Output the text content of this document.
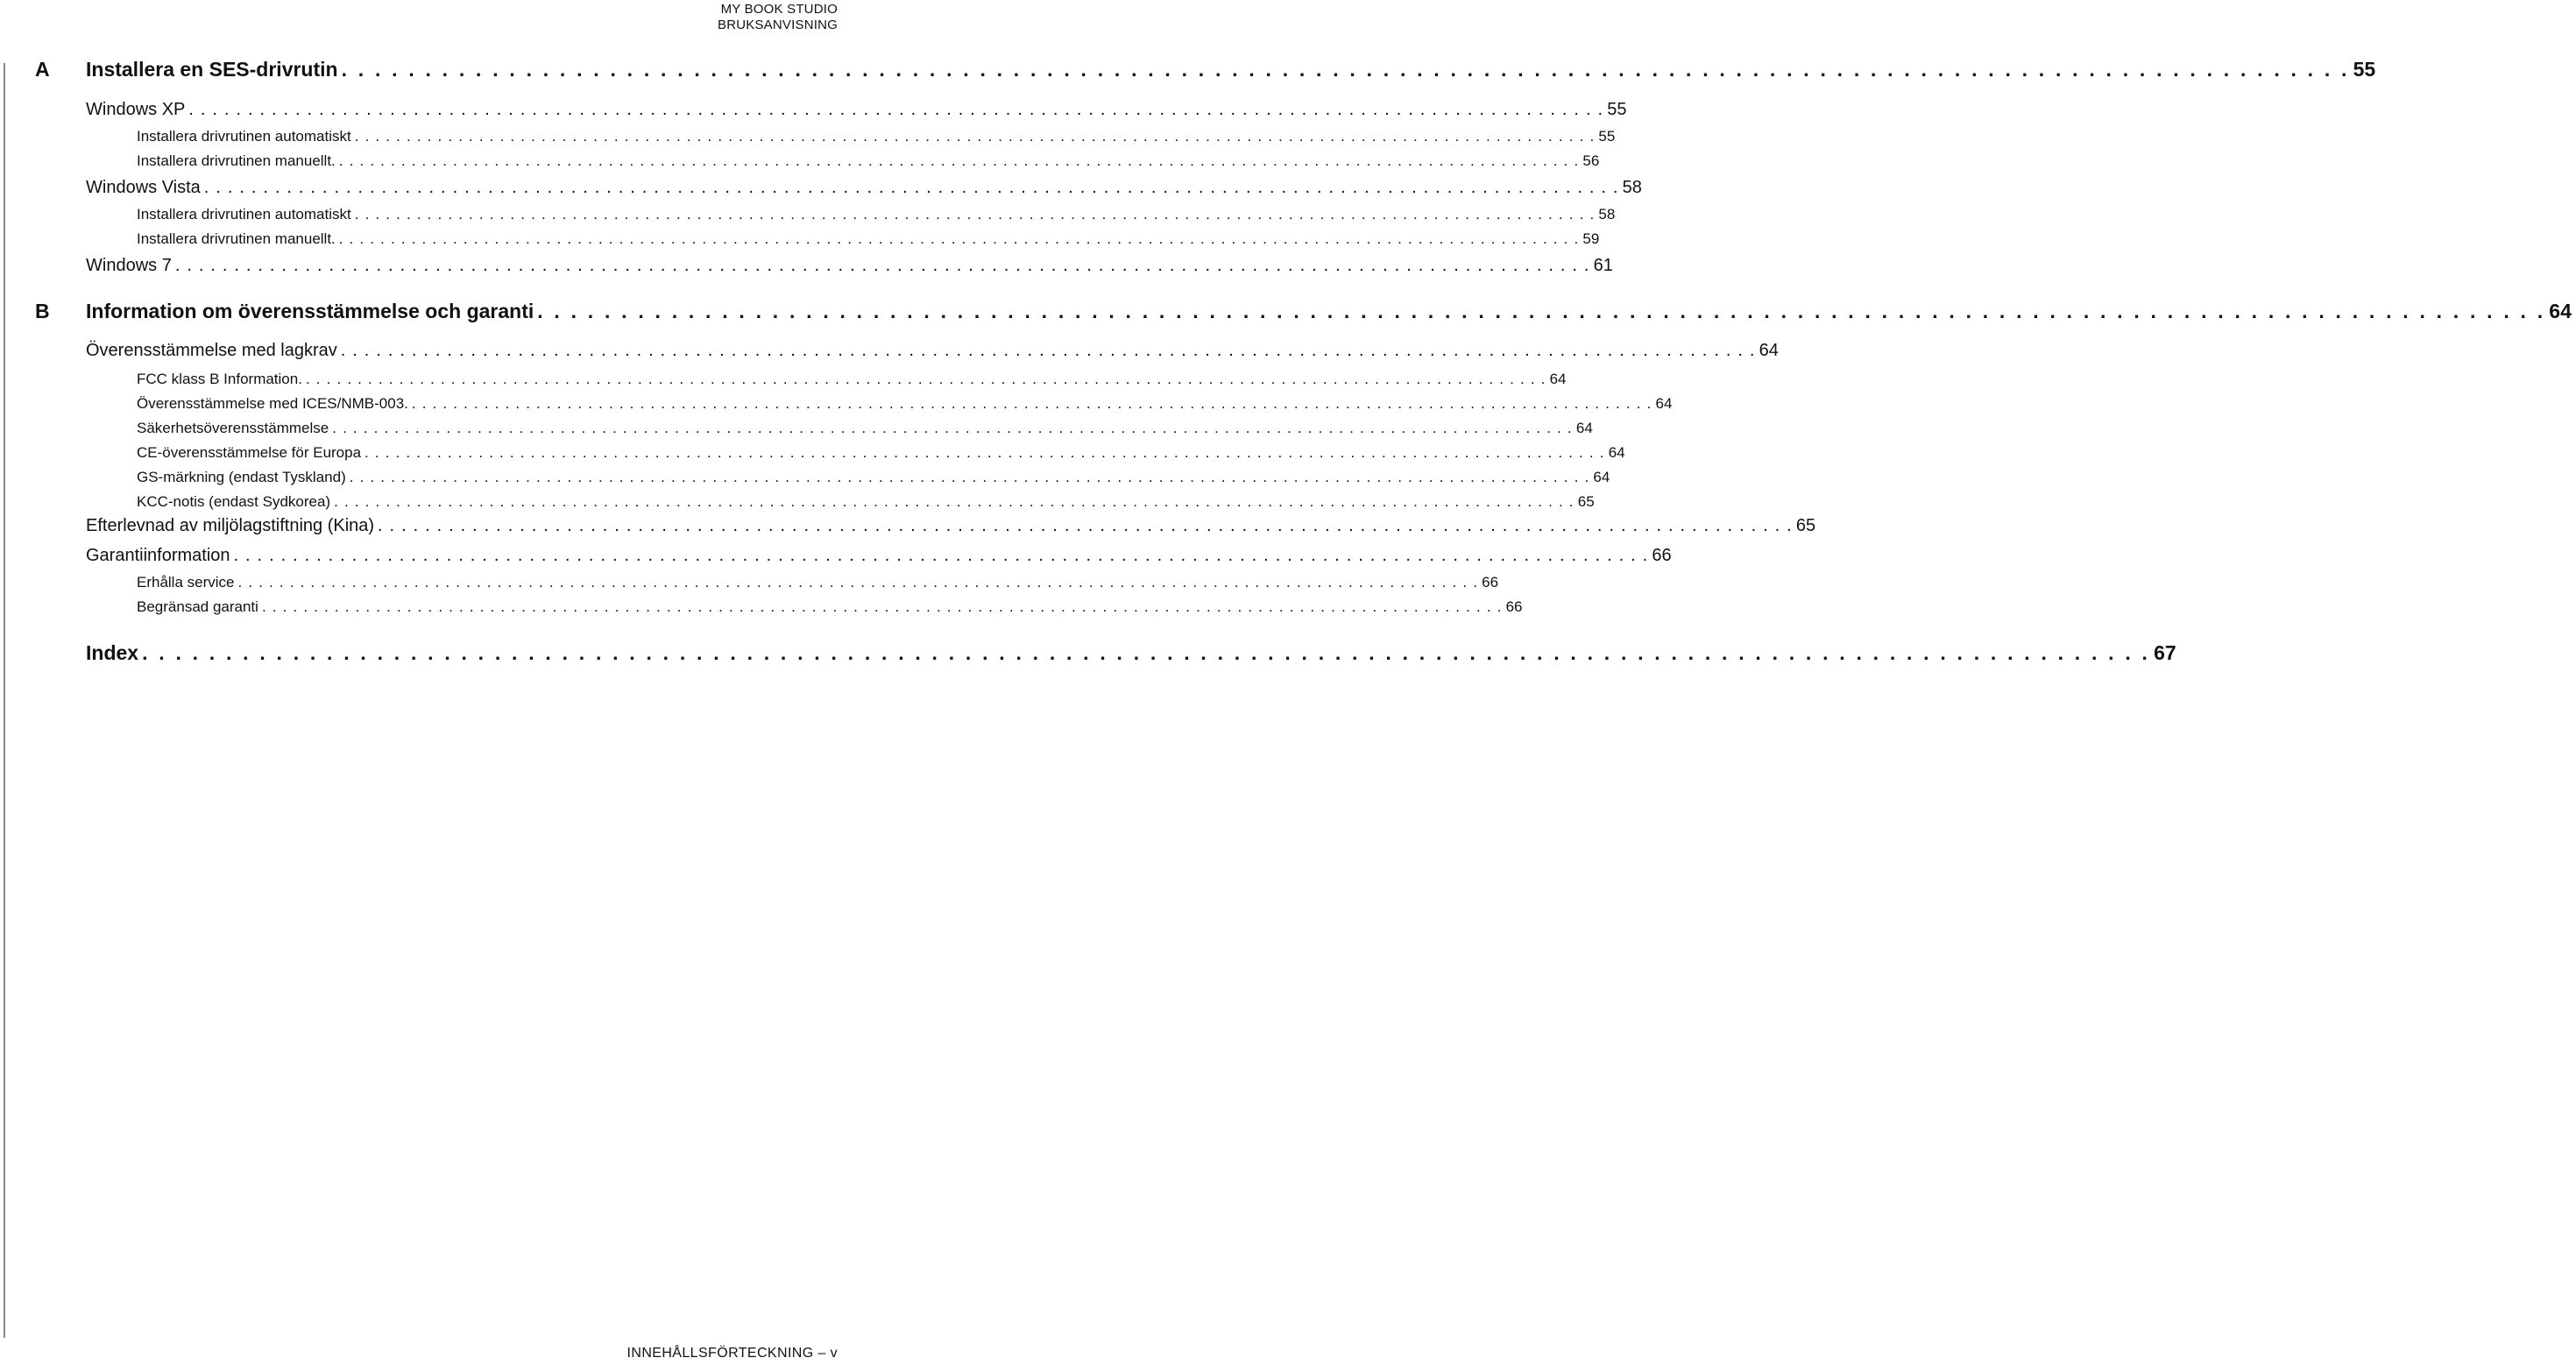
MY BOOK STUDIO
BRUKSANVISNING
A	Installera en SES-drivrutin . . . . . . . . . . . . . . . . . . . . . . . . . . . . . . . . . . . . . . . . . . . . . . . . . . . . . . . . . . . . . . . . . . . . . . . . . . . . . . . . . . . . . . . . . . . . . . . . . . . . . . . . . . . . . . . . . . . . . . . . 55
Windows XP . . . . . . . . . . . . . . . . . . . . . . . . . . . . . . . . . . . . . . . . . . . . . . . . . . . . . . . . . . . . . . . . . . . . . . . . . . . . . . . . . . . . . . . . . . . . . . . . . . . . . . . . . . . . . . . . . . . . . . . . 55
Installera drivrutinen automatiskt . . . . . . . . . . . . . . . . . . . . . . . . . . . . . . . . . . . . . . . . . . . . . . . . . . . . . . . . . . . . . . . . . . . . . . . . . . . . . . . . . . . . . . . . . . . . . . . . . . . . . . . . . . . . . . . . . . . . . . . . 55
Installera drivrutinen manuellt. . . . . . . . . . . . . . . . . . . . . . . . . . . . . . . . . . . . . . . . . . . . . . . . . . . . . . . . . . . . . . . . . . . . . . . . . . . . . . . . . . . . . . . . . . . . . . . . . . . . . . . . . . . . . . . . . . . . . . . . . 56
Windows Vista . . . . . . . . . . . . . . . . . . . . . . . . . . . . . . . . . . . . . . . . . . . . . . . . . . . . . . . . . . . . . . . . . . . . . . . . . . . . . . . . . . . . . . . . . . . . . . . . . . . . . . . . . . . . . . . . . . . . . . . . 58
Installera drivrutinen automatiskt . . . . . . . . . . . . . . . . . . . . . . . . . . . . . . . . . . . . . . . . . . . . . . . . . . . . . . . . . . . . . . . . . . . . . . . . . . . . . . . . . . . . . . . . . . . . . . . . . . . . . . . . . . . . . . . . . . . . . . . . 58
Installera drivrutinen manuellt. . . . . . . . . . . . . . . . . . . . . . . . . . . . . . . . . . . . . . . . . . . . . . . . . . . . . . . . . . . . . . . . . . . . . . . . . . . . . . . . . . . . . . . . . . . . . . . . . . . . . . . . . . . . . . . . . . . . . . . . . 59
Windows 7 . . . . . . . . . . . . . . . . . . . . . . . . . . . . . . . . . . . . . . . . . . . . . . . . . . . . . . . . . . . . . . . . . . . . . . . . . . . . . . . . . . . . . . . . . . . . . . . . . . . . . . . . . . . . . . . . . . . . . . . . 61
B	Information om överensstämmelse och garanti . . . . . . . . . . . . . . . . . . . . . . . . . . . . . . . . . . . . . . . . . . . . . . . . . . . . . . . . . . . . . . . . . . . . . . . . . . . . . . . . . . . . . . . . . . . . . . . . . . . . . . . . . . . . . . . . . . . . . . . . 64
Överensstämmelse med lagkrav . . . . . . . . . . . . . . . . . . . . . . . . . . . . . . . . . . . . . . . . . . . . . . . . . . . . . . . . . . . . . . . . . . . . . . . . . . . . . . . . . . . . . . . . . . . . . . . . . . . . . . . . . . . . . . . . . . . . . . . . 64
FCC klass B Information. . . . . . . . . . . . . . . . . . . . . . . . . . . . . . . . . . . . . . . . . . . . . . . . . . . . . . . . . . . . . . . . . . . . . . . . . . . . . . . . . . . . . . . . . . . . . . . . . . . . . . . . . . . . . . . . . . . . . . . . . 64
Överensstämmelse med ICES/NMB-003. . . . . . . . . . . . . . . . . . . . . . . . . . . . . . . . . . . . . . . . . . . . . . . . . . . . . . . . . . . . . . . . . . . . . . . . . . . . . . . . . . . . . . . . . . . . . . . . . . . . . . . . . . . . . . . . . . . . . . . . . 64
Säkerhetsöverensstämmelse . . . . . . . . . . . . . . . . . . . . . . . . . . . . . . . . . . . . . . . . . . . . . . . . . . . . . . . . . . . . . . . . . . . . . . . . . . . . . . . . . . . . . . . . . . . . . . . . . . . . . . . . . . . . . . . . . . . . . . . . 64
CE-överensstämmelse för Europa . . . . . . . . . . . . . . . . . . . . . . . . . . . . . . . . . . . . . . . . . . . . . . . . . . . . . . . . . . . . . . . . . . . . . . . . . . . . . . . . . . . . . . . . . . . . . . . . . . . . . . . . . . . . . . . . . . . . . . . . 64
GS-märkning (endast Tyskland) . . . . . . . . . . . . . . . . . . . . . . . . . . . . . . . . . . . . . . . . . . . . . . . . . . . . . . . . . . . . . . . . . . . . . . . . . . . . . . . . . . . . . . . . . . . . . . . . . . . . . . . . . . . . . . . . . . . . . . . . 64
KCC-notis (endast Sydkorea) . . . . . . . . . . . . . . . . . . . . . . . . . . . . . . . . . . . . . . . . . . . . . . . . . . . . . . . . . . . . . . . . . . . . . . . . . . . . . . . . . . . . . . . . . . . . . . . . . . . . . . . . . . . . . . . . . . . . . . . . 65
Efterlevnad av miljölagstiftning (Kina) . . . . . . . . . . . . . . . . . . . . . . . . . . . . . . . . . . . . . . . . . . . . . . . . . . . . . . . . . . . . . . . . . . . . . . . . . . . . . . . . . . . . . . . . . . . . . . . . . . . . . . . . . . . . . . . . . . . . . . . . 65
Garantiinformation . . . . . . . . . . . . . . . . . . . . . . . . . . . . . . . . . . . . . . . . . . . . . . . . . . . . . . . . . . . . . . . . . . . . . . . . . . . . . . . . . . . . . . . . . . . . . . . . . . . . . . . . . . . . . . . . . . . . . . . . 66
Erhålla service . . . . . . . . . . . . . . . . . . . . . . . . . . . . . . . . . . . . . . . . . . . . . . . . . . . . . . . . . . . . . . . . . . . . . . . . . . . . . . . . . . . . . . . . . . . . . . . . . . . . . . . . . . . . . . . . . . . . . . . . 66
Begränsad garanti . . . . . . . . . . . . . . . . . . . . . . . . . . . . . . . . . . . . . . . . . . . . . . . . . . . . . . . . . . . . . . . . . . . . . . . . . . . . . . . . . . . . . . . . . . . . . . . . . . . . . . . . . . . . . . . . . . . . . . . . 66
Index . . . . . . . . . . . . . . . . . . . . . . . . . . . . . . . . . . . . . . . . . . . . . . . . . . . . . . . . . . . . . . . . . . . . . . . . . . . . . . . . . . . . . . . . . . . . . . . . . . . . . . . . . . . . . . . . . . . . . . . . 67
INNEHÅLLSFÖRTECKNING – v
